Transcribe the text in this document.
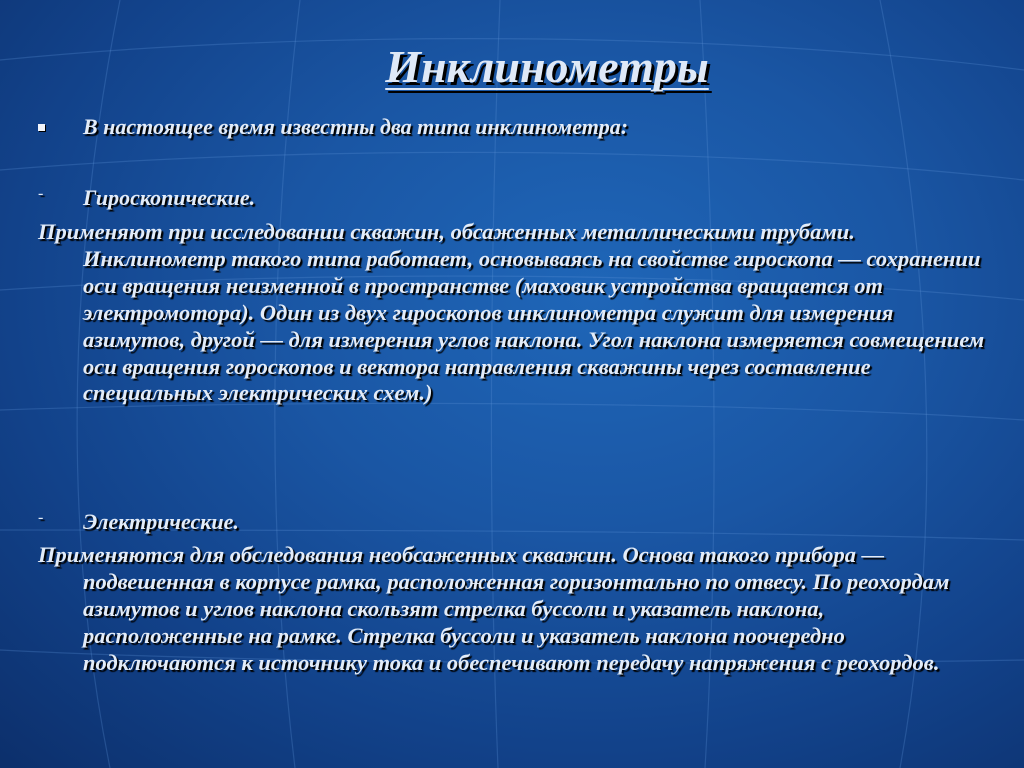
Инклинометры
В настоящее время известны два типа инклинометра:
- Гироскопические.

Применяют при исследовании скважин, обсаженных металлическими трубами. Инклинометр такого типа работает, основываясь на свойстве гироскопа — сохранении оси вращения неизменной в пространстве (маховик устройства вращается от электромотора). Один из двух гироскопов инклинометра служит для измерения азимутов, другой — для измерения углов наклона. Угол наклона измеряется совмещением оси вращения гороскопов и вектора направления скважины через составление специальных электрических схем.)

- Электрические.

Применяются для обследования необсаженных скважин. Основа такого прибора — подвешенная в корпусе рамка, расположенная горизонтально по отвесу. По реохордам азимутов и углов наклона скользят стрелка буссоли и указатель наклона, расположенные на рамке. Стрелка буссоли и указатель наклона поочередно подключаются к источнику тока и обеспечивают передачу напряжения с реохордов.
